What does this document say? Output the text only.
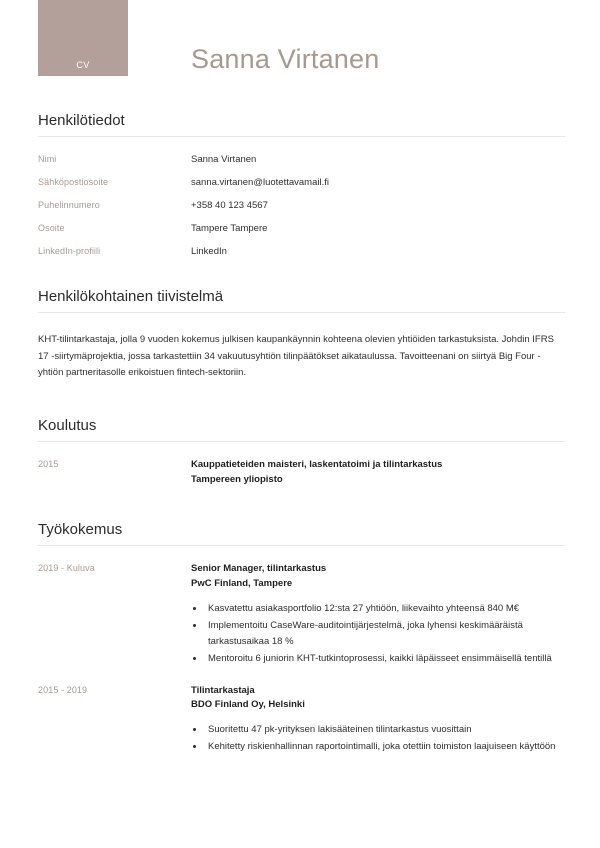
CV	Sanna Virtanen
Henkilötiedot
Nimi	Sanna Virtanen
Sähköpostiosoite	sanna.virtanen@luotettavamail.fi
Puhelinnumero	+358 40 123 4567
Osoite	Tampere Tampere
LinkedIn-profiili	LinkedIn
Henkilökohtainen tiivistelmä
KHT-tilintarkastaja, jolla 9 vuoden kokemus julkisen kaupankäynnin kohteena olevien yhtiöiden tarkastuksista. Johdin IFRS 17 -siirtymäprojektia, jossa tarkastettiin 34 vakuutusyhtiön tilinpäätökset aikataulussa. Tavoitteenani on siirtyä Big Four -yhtiön partneritasolle erikoistuen fintech-sektoriin.
Koulutus
2015	Kauppatieteiden maisteri, laskentatoimi ja tilintarkastus
Tampereen yliopisto
Työkokemus
2019 - Kuluva	Senior Manager, tilintarkastus
PwC Finland, Tampere
• Kasvatettu asiakasportfolio 12:sta 27 yhtiöön, liikevaihto yhteensä 840 M€
• Implementoitu CaseWare-auditointijärjestelmä, joka lyhensi keskimääräistä tarkastusaikaa 18 %
• Mentoroitu 6 juniorin KHT-tutkintoprosessi, kaikki läpäisseet ensimmäisellä tentillä
2015 - 2019	Tilintarkastaja
BDO Finland Oy, Helsinki
• Suoritettu 47 pk-yrityksen lakisääteinen tilintarkastus vuosittain
• Kehitetty riskienhallinnan raportointimalli, joka otettiin toimiston laajuiseen käyttöön
